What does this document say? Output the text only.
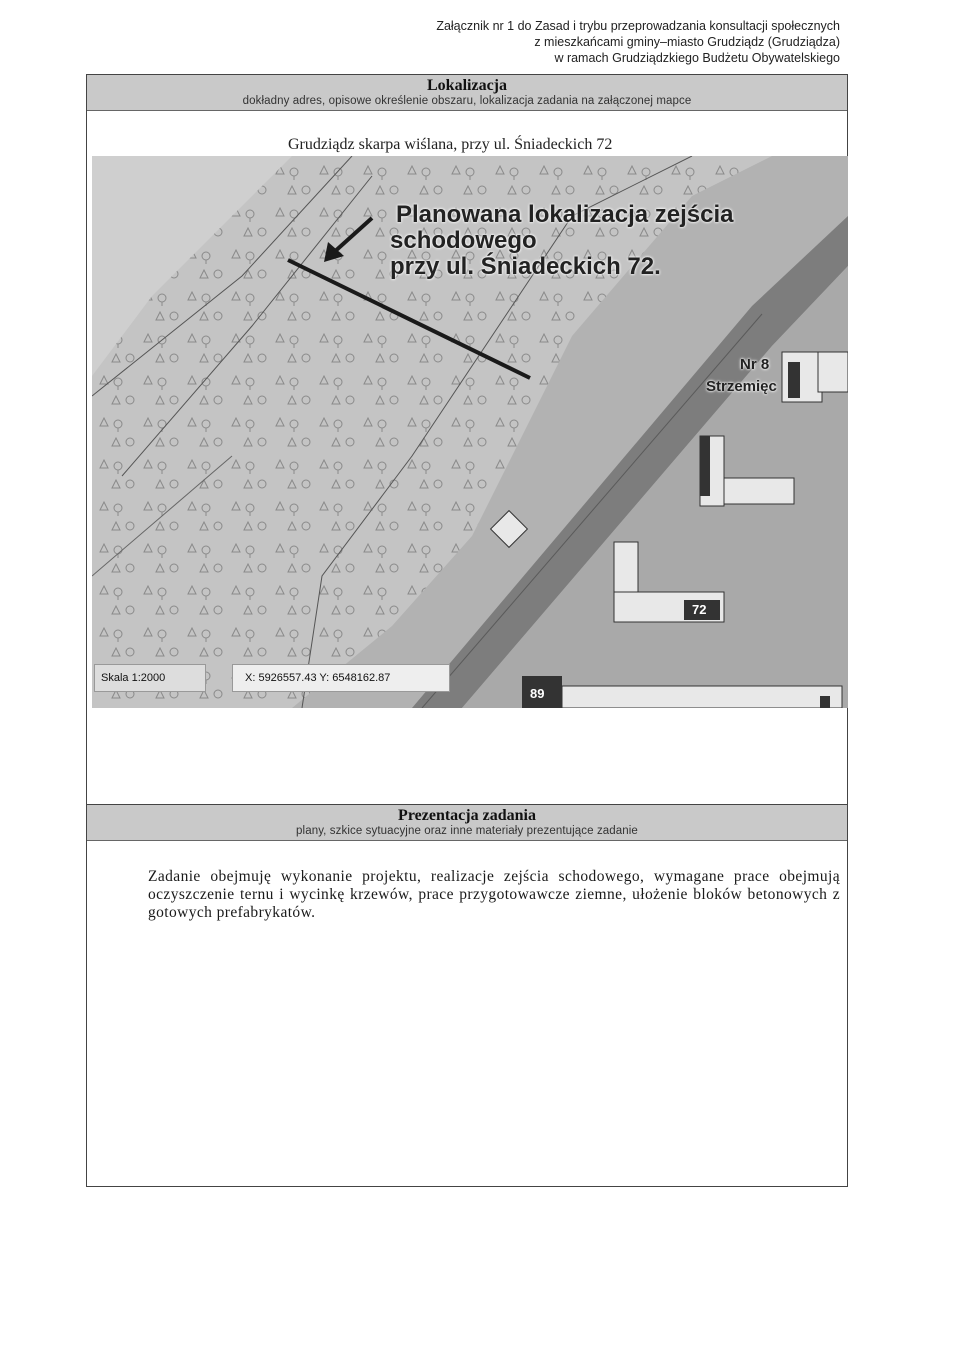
Załącznik nr 1 do Zasad i trybu przeprowadzania konsultacji społecznych
z mieszkańcami gminy–miasto Grudziądz (Grudziądza)
w ramach Grudziądzkiego Budżetu Obywatelskiego
Lokalizacja
dokładny adres, opisowe określenie obszaru, lokalizacja zadania na załączonej mapce
Grudziądz skarpa wiślana, przy ul. Śniadeckich 72
Planowana lokalizacja zejścia
schodowego
przy ul. Śniadeckich 72.
Nr 8
Strzemięc
72
89
Skala 1:2000	X: 5926557.43 Y: 6548162.87
Prezentacja zadania
plany, szkice sytuacyjne oraz inne materiały prezentujące zadanie
Zadanie obejmuję wykonanie projektu, realizacje zejścia schodowego, wymagane prace obejmują oczyszczenie ternu i wycinkę krzewów, prace przygotowawcze ziemne, ułożenie bloków betonowych z gotowych prefabrykatów.
